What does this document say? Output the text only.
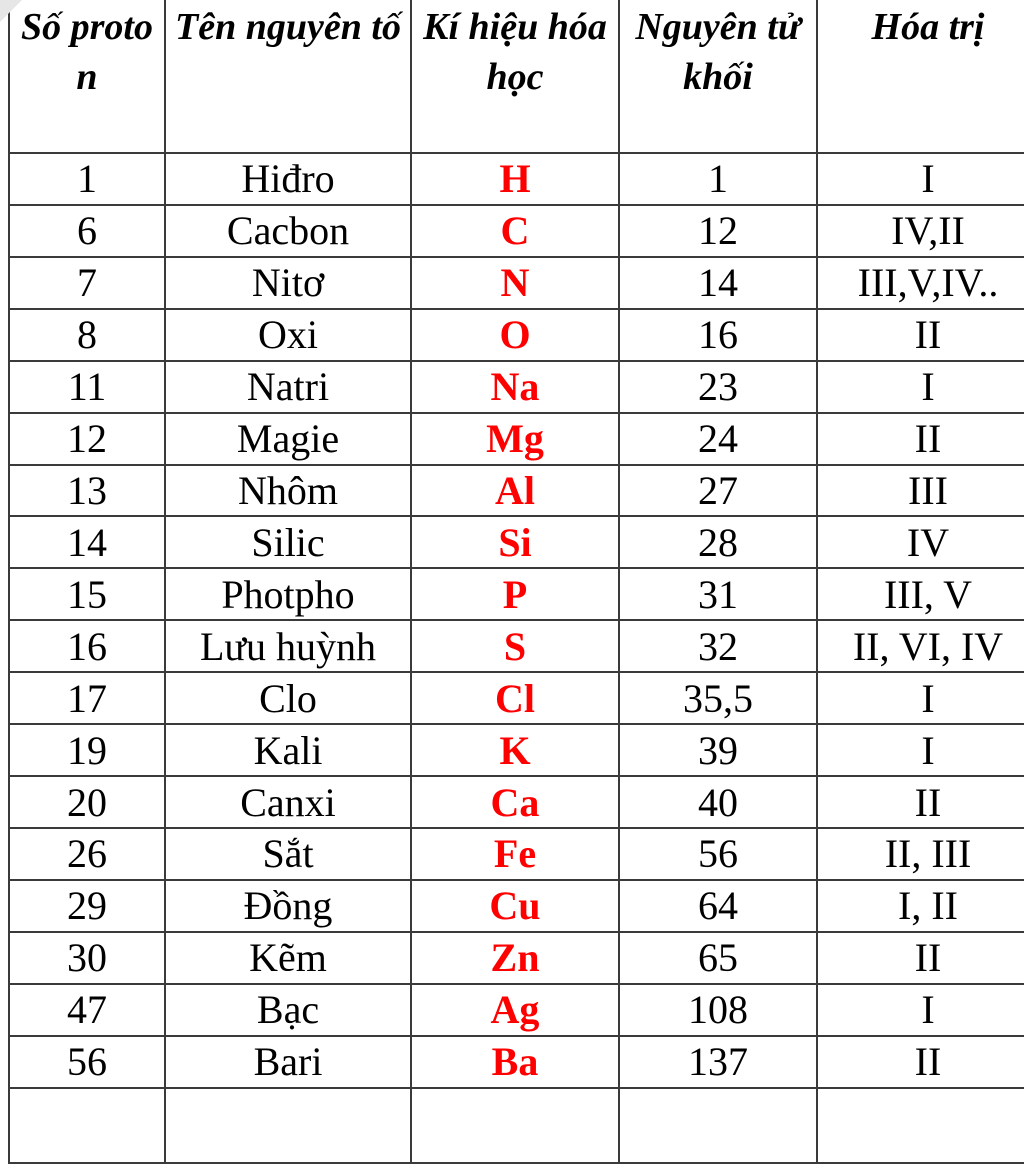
Số proto n	Tên nguyên tố	Kí hiệu hóa học	Nguyên tử khối	Hóa trị
1	Hiđro	H	1	I
6	Cacbon	C	12	IV,II
7	Nitơ	N	14	III,V,IV..
8	Oxi	O	16	II
11	Natri	Na	23	I
12	Magie	Mg	24	II
13	Nhôm	Al	27	III
14	Silic	Si	28	IV
15	Photpho	P	31	III, V
16	Lưu huỳnh	S	32	II, VI, IV
17	Clo	Cl	35,5	I
19	Kali	K	39	I
20	Canxi	Ca	40	II
26	Sắt	Fe	56	II, III
29	Đồng	Cu	64	I, II
30	Kẽm	Zn	65	II
47	Bạc	Ag	108	I
56	Bari	Ba	137	II
